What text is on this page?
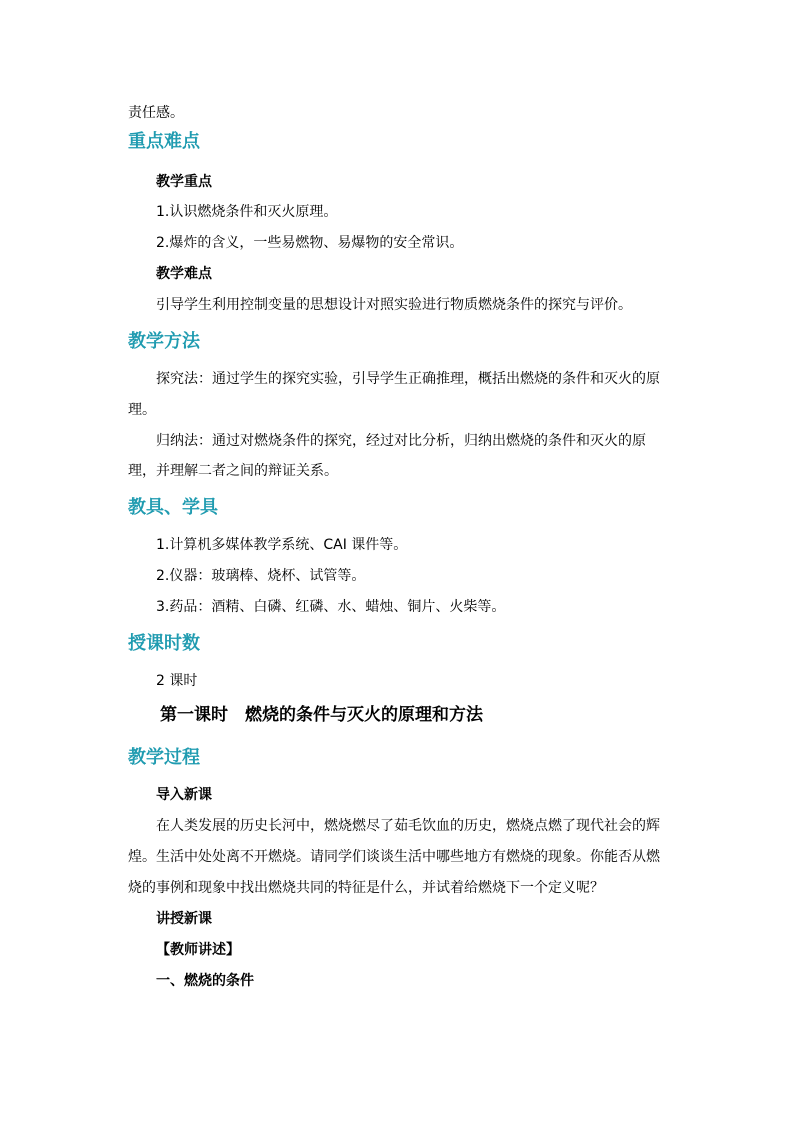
责任感。
重点难点
教学重点
1.认识燃烧条件和灭火原理。
2.爆炸的含义，一些易燃物、易爆物的安全常识。
教学难点
引导学生利用控制变量的思想设计对照实验进行物质燃烧条件的探究与评价。
教学方法
探究法：通过学生的探究实验，引导学生正确推理，概括出燃烧的条件和灭火的原
理。
归纳法：通过对燃烧条件的探究，经过对比分析，归纳出燃烧的条件和灭火的原
理，并理解二者之间的辩证关系。
教具、学具
1.计算机多媒体教学系统、CAI 课件等。
2.仪器：玻璃棒、烧杯、试管等。
3.药品：酒精、白磷、红磷、水、蜡烛、铜片、火柴等。
授课时数
2 课时
第一课时　燃烧的条件与灭火的原理和方法
教学过程
导入新课
在人类发展的历史长河中，燃烧燃尽了茹毛饮血的历史，燃烧点燃了现代社会的辉
煌。生活中处处离不开燃烧。请同学们谈谈生活中哪些地方有燃烧的现象。你能否从燃
烧的事例和现象中找出燃烧共同的特征是什么，并试着给燃烧下一个定义呢？
讲授新课
【教师讲述】
一、燃烧的条件
